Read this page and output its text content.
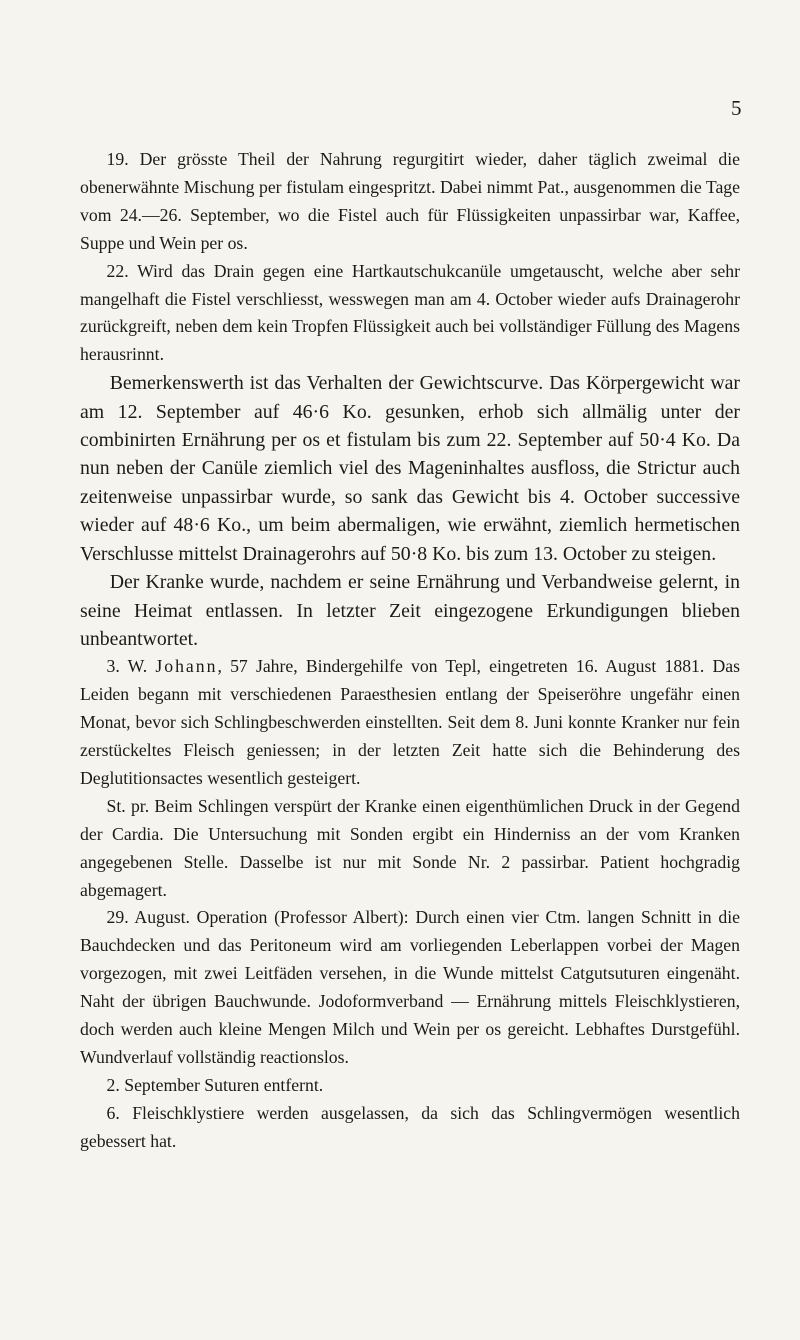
5

19. Der grösste Theil der Nahrung regurgitirt wieder, daher täglich zweimal die obenerwähnte Mischung per fistulam eingespritzt. Dabei nimmt Pat., ausgenommen die Tage vom 24.—26. September, wo die Fistel auch für Flüssigkeiten unpassirbar war, Kaffee, Suppe und Wein per os.

22. Wird das Drain gegen eine Hartkautschukcanüle umgetauscht, welche aber sehr mangelhaft die Fistel verschliesst, wesswegen man am 4. October wieder aufs Drainagerohr zurückgreift, neben dem kein Tropfen Flüssigkeit auch bei vollständiger Füllung des Magens herausrinnt.

Bemerkenswerth ist das Verhalten der Gewichtscurve. Das Körpergewicht war am 12. September auf 46·6 Ko. gesunken, erhob sich allmälig unter der combinirten Ernährung per os et fistulam bis zum 22. September auf 50·4 Ko. Da nun neben der Canüle ziemlich viel des Mageninhaltes ausfloss, die Strictur auch zeitenweise unpassirbar wurde, so sank das Gewicht bis 4. October successive wieder auf 48·6 Ko., um beim abermaligen, wie erwähnt, ziemlich hermetischen Verschlusse mittelst Drainagerohrs auf 50·8 Ko. bis zum 13. October zu steigen.

Der Kranke wurde, nachdem er seine Ernährung und Verbandweise gelernt, in seine Heimat entlassen. In letzter Zeit eingezogene Erkundigungen blieben unbeantwortet.

3. W. Johann, 57 Jahre, Bindergehilfe von Tepl, eingetreten 16. August 1881. Das Leiden begann mit verschiedenen Paraesthesien entlang der Speiseröhre ungefähr einen Monat, bevor sich Schlingbeschwerden einstellten. Seit dem 8. Juni konnte Kranker nur fein zerstückeltes Fleisch geniessen; in der letzten Zeit hatte sich die Behinderung des Deglutitionsactes wesentlich gesteigert.

St. pr. Beim Schlingen verspürt der Kranke einen eigenthümlichen Druck in der Gegend der Cardia. Die Untersuchung mit Sonden ergibt ein Hinderniss an der vom Kranken angegebenen Stelle. Dasselbe ist nur mit Sonde Nr. 2 passirbar. Patient hochgradig abgemagert.

29. August. Operation (Professor Albert): Durch einen vier Ctm. langen Schnitt in die Bauchdecken und das Peritoneum wird am vorliegenden Leberlappen vorbei der Magen vorgezogen, mit zwei Leitfäden versehen, in die Wunde mittelst Catgutsuturen eingenäht. Naht der übrigen Bauchwunde. Jodoformverband — Ernährung mittels Fleischklystieren, doch werden auch kleine Mengen Milch und Wein per os gereicht. Lebhaftes Durstgefühl. Wundverlauf vollständig reactionslos.

2. September Suturen entfernt.

6. Fleischklystiere werden ausgelassen, da sich das Schlingvermögen wesentlich gebessert hat.
